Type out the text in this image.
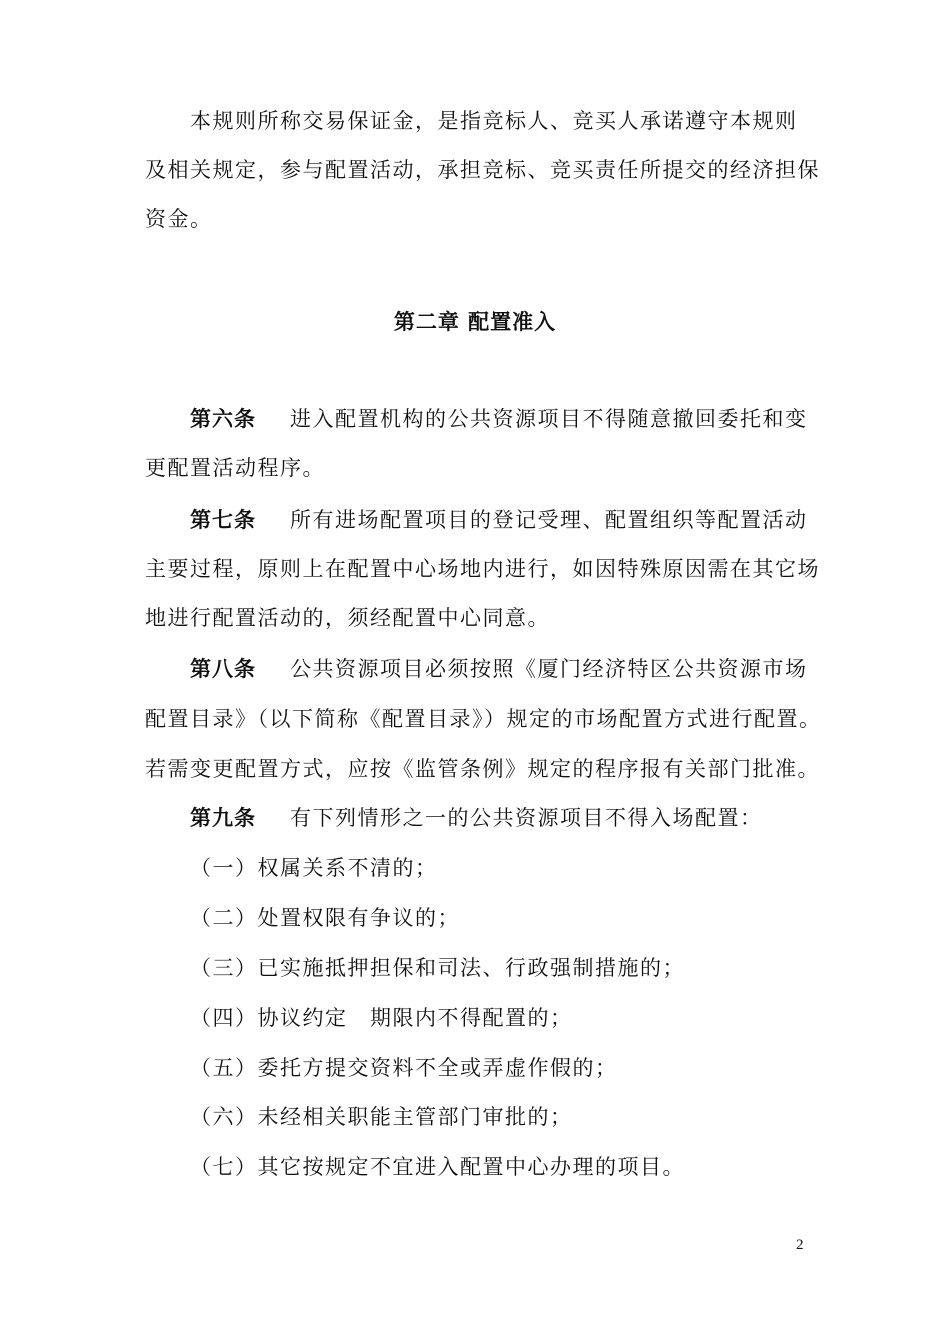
本规则所称交易保证金，是指竞标人、竞买人承诺遵守本规则
及相关规定，参与配置活动，承担竞标、竞买责任所提交的经济担保
资金。
第二章 配置准入
第六条 进入配置机构的公共资源项目不得随意撤回委托和变
更配置活动程序。
第七条 所有进场配置项目的登记受理、配置组织等配置活动
主要过程，原则上在配置中心场地内进行，如因特殊原因需在其它场
地进行配置活动的，须经配置中心同意。
第八条 公共资源项目必须按照《厦门经济特区公共资源市场
配置目录》（以下简称《配置目录》）规定的市场配置方式进行配置。
若需变更配置方式，应按《监管条例》规定的程序报有关部门批准。
第九条 有下列情形之一的公共资源项目不得入场配置：
（一）权属关系不清的；
（二）处置权限有争议的；
（三）已实施抵押担保和司法、行政强制措施的；
（四）协议约定　期限内不得配置的；
（五）委托方提交资料不全或弄虚作假的；
（六）未经相关职能主管部门审批的；
（七）其它按规定不宜进入配置中心办理的项目。
2
